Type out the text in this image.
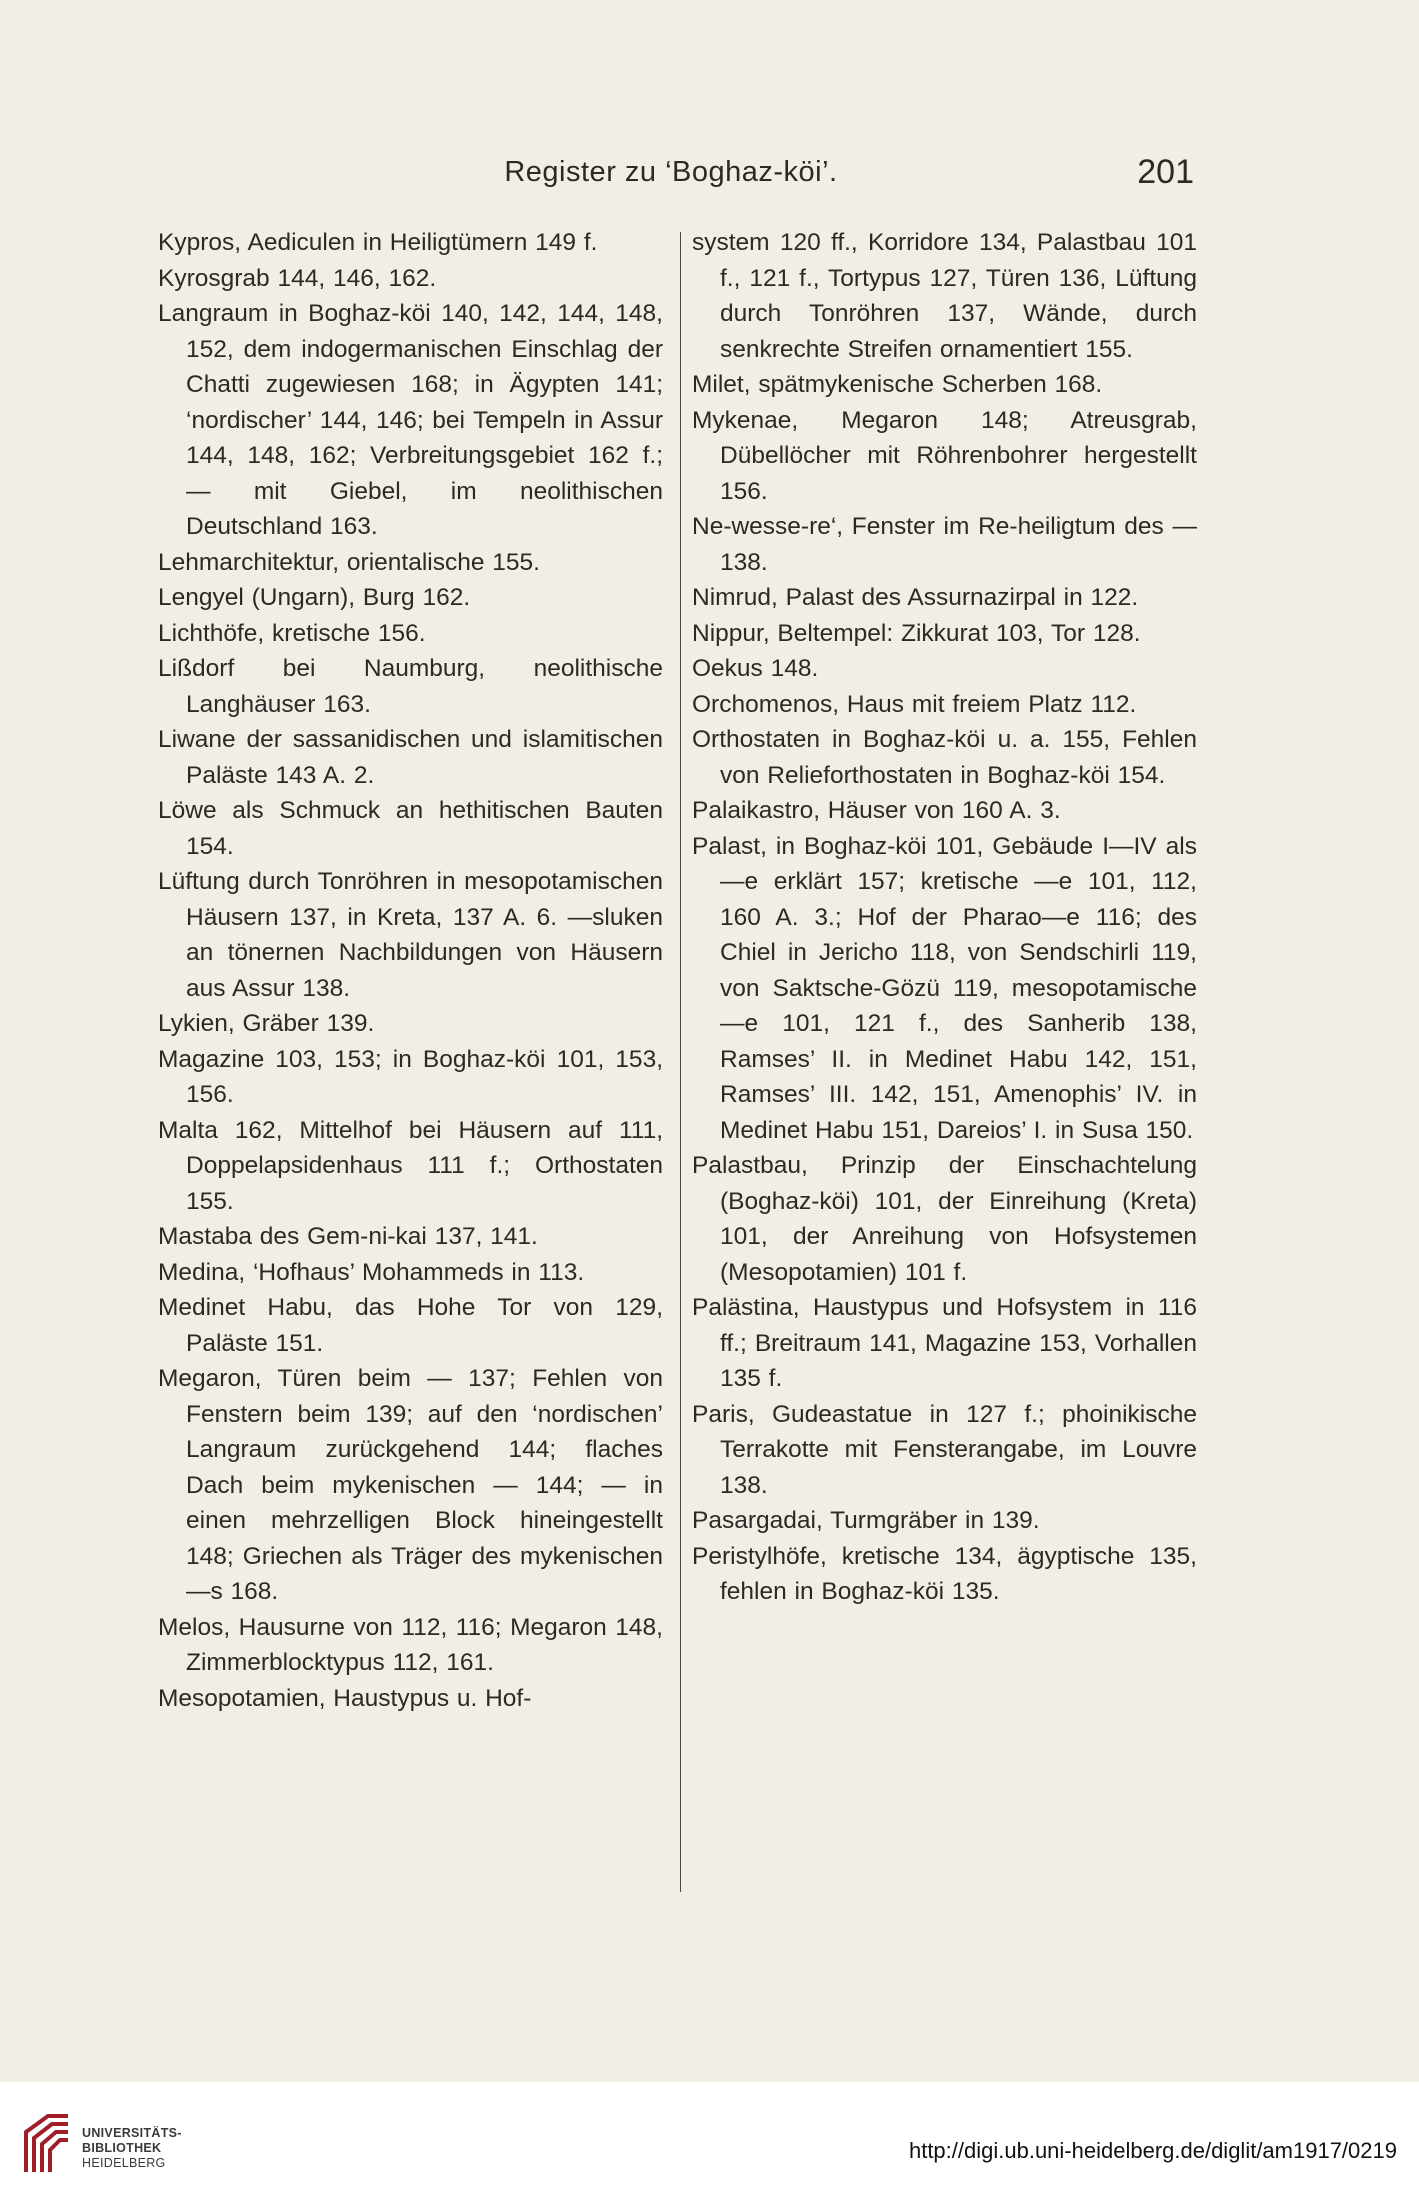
Register zu ‘Boghaz-köi’.	201
Kypros, Aediculen in Heiligtümern 149 f.
Kyrosgrab 144, 146, 162.
Langraum in Boghaz-köi 140, 142, 144, 148, 152, dem indogermanischen Einschlag der Chatti zugewiesen 168; in Ägypten 141; ‘nordischer’ 144, 146; bei Tempeln in Assur 144, 148, 162; Verbreitungsgebiet 162 f.; — mit Giebel, im neolithischen Deutschland 163.
Lehmarchitektur, orientalische 155.
Lengyel (Ungarn), Burg 162.
Lichthöfe, kretische 156.
Lißdorf bei Naumburg, neolithische Langhäuser 163.
Liwane der sassanidischen und islamitischen Paläste 143 A. 2.
Löwe als Schmuck an hethitischen Bauten 154.
Lüftung durch Tonröhren in mesopotamischen Häusern 137, in Kreta, 137 A. 6. —sluken an tönernen Nachbildungen von Häusern aus Assur 138.
Lykien, Gräber 139.
Magazine 103, 153; in Boghaz-köi 101, 153, 156.
Malta 162, Mittelhof bei Häusern auf 111, Doppelapsidenhaus 111 f.; Orthostaten 155.
Mastaba des Gem-ni-kai 137, 141.
Medina, ‘Hofhaus’ Mohammeds in 113.
Medinet Habu, das Hohe Tor von 129, Paläste 151.
Megaron, Türen beim — 137; Fehlen von Fenstern beim 139; auf den ‘nordischen’ Langraum zurückgehend 144; flaches Dach beim mykenischen — 144; — in einen mehrzelligen Block hineingestellt 148; Griechen als Träger des mykenischen —s 168.
Melos, Hausurne von 112, 116; Megaron 148, Zimmerblocktypus 112, 161.
Mesopotamien, Haustypus u. Hof-
system 120 ff., Korridore 134, Palastbau 101 f., 121 f., Tortypus 127, Türen 136, Lüftung durch Tonröhren 137, Wände, durch senkrechte Streifen ornamentiert 155.
Milet, spätmykenische Scherben 168.
Mykenae, Megaron 148; Atreusgrab, Dübellöcher mit Röhrenbohrer hergestellt 156.
Ne-wesse-re‘, Fenster im Re-heiligtum des — 138.
Nimrud, Palast des Assurnazirpal in 122.
Nippur, Beltempel: Zikkurat 103, Tor 128.
Oekus 148.
Orchomenos, Haus mit freiem Platz 112.
Orthostaten in Boghaz-köi u. a. 155, Fehlen von Relieforthostaten in Boghaz-köi 154.
Palaikastro, Häuser von 160 A. 3.
Palast, in Boghaz-köi 101, Gebäude I—IV als —e erklärt 157; kretische —e 101, 112, 160 A. 3.; Hof der Pharao—e 116; des Chiel in Jericho 118, von Sendschirli 119, von Saktsche-Gözü 119, mesopotamische —e 101, 121 f., des Sanherib 138, Ramses’ II. in Medinet Habu 142, 151, Ramses’ III. 142, 151, Amenophis’ IV. in Medinet Habu 151, Dareios’ I. in Susa 150.
Palastbau, Prinzip der Einschachtelung (Boghaz-köi) 101, der Einreihung (Kreta) 101, der Anreihung von Hofsystemen (Mesopotamien) 101 f.
Palästina, Haustypus und Hofsystem in 116 ff.; Breitraum 141, Magazine 153, Vorhallen 135 f.
Paris, Gudeastatue in 127 f.; phoinikische Terrakotte mit Fensterangabe, im Louvre 138.
Pasargadai, Turmgräber in 139.
Peristylhöfe, kretische 134, ägyptische 135, fehlen in Boghaz-köi 135.
UNIVERSITÄTS-
BIBLIOTHEK
HEIDELBERG	http://digi.ub.uni-heidelberg.de/diglit/am1917/0219
